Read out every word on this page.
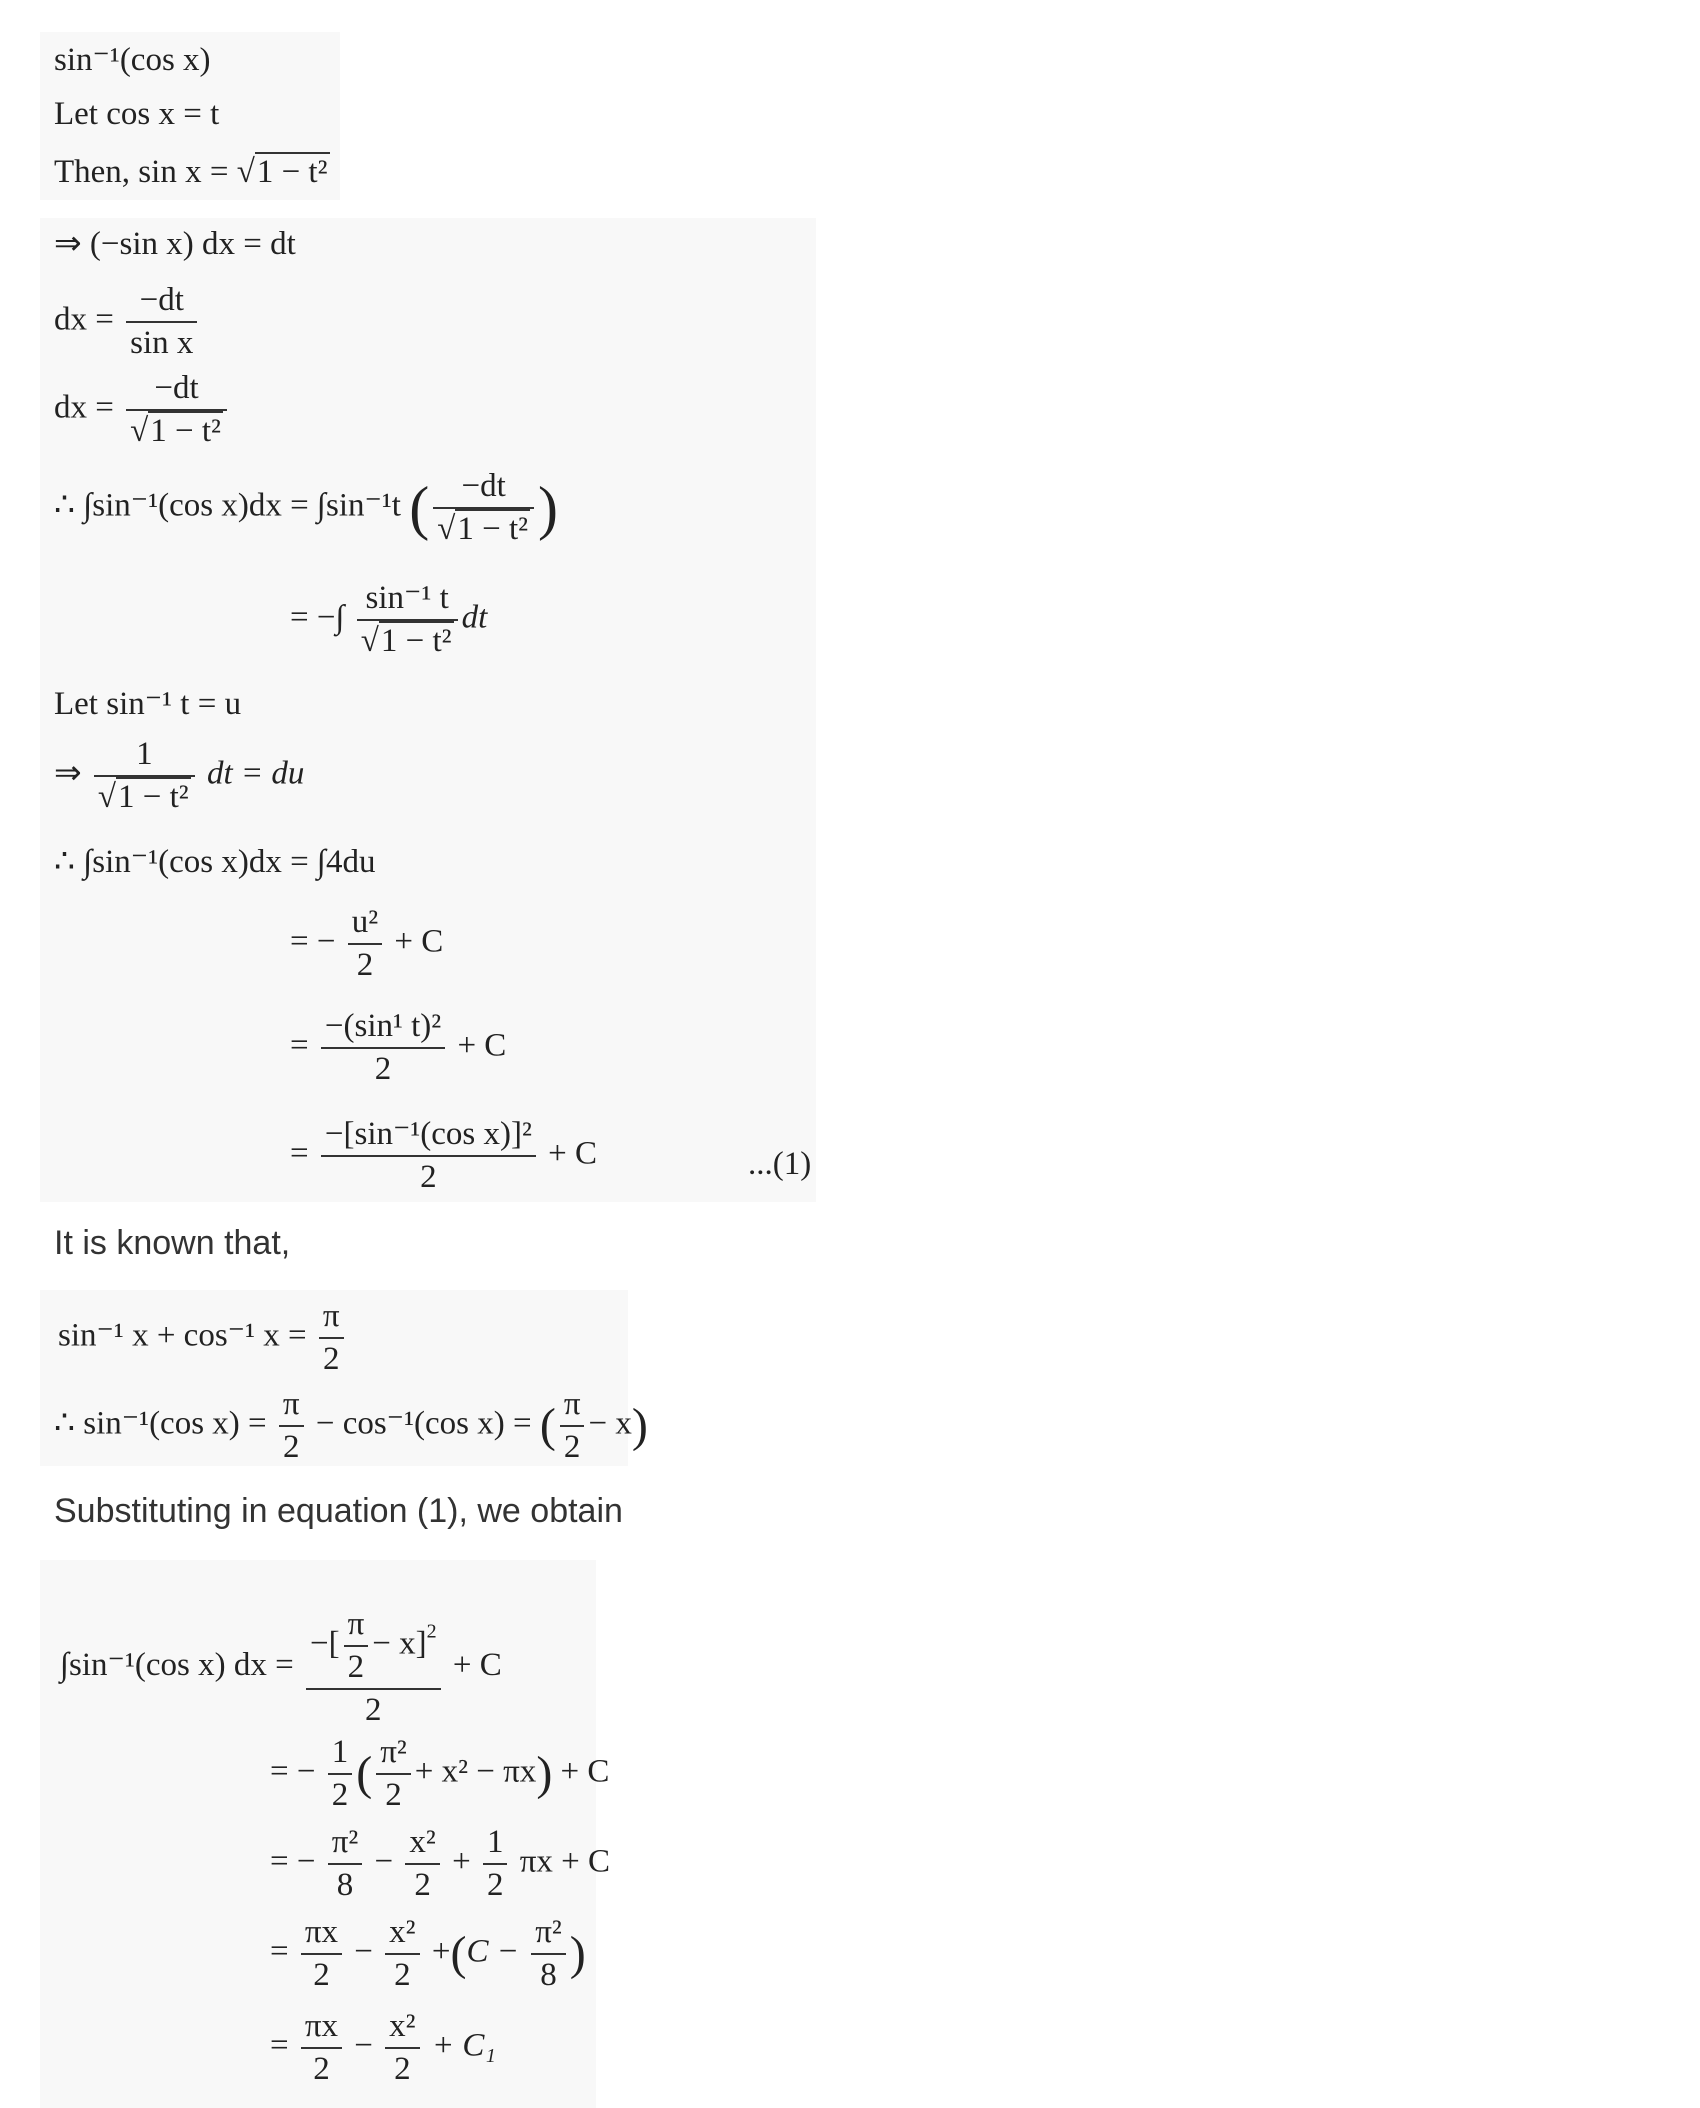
sin⁻¹(cos x)
Let cos x = t
Then, sin x = √1 − t²
⇒ (−sin x) dx = dt
dx = $\frac{-dt}{\text{sin x}}$
dx = $\frac{-dt}{\text{√1 − t²}}$
∴ ∫sin⁻¹(cos x)dx = ∫sin⁻¹t ( $\frac{-dt}{\text{√1 − t²}}$ )
= −∫ $\frac{\text{sin⁻¹ t}}{\text{√1 − t²}}$ dt
Let sin⁻¹ t = u
⇒ $\frac{1}{\text{√1 − t²}}$ dt = du
∴ ∫sin⁻¹(cos x)dx = ∫4du
= − $\frac{\text{u²}}{2} + C$
= $\frac{\text{−(sin¹ t)²}}{2} + C$
= $\frac{\text{−[sin⁻¹(cos x)]²}}{2} + C$	...(1)
It is known that,
sin⁻¹ x + cos⁻¹ $x = \frac{\pi}{2}$
∴ sin⁻¹(cos $x) = \frac{\pi}{2} - \cos^{-1}(\cos$ x) = ( $\frac{\pi}{2} - x$)
Substituting in equation (1), we obtain
∫sin⁻¹(cos x) dx = $\frac{-[ \frac{\pi}{2} - x]^2}{2} + C$
= − $\frac{1}{2}$ ( $\frac{\text{π²}}{2} + x^2 - \pi x) + C$
= − $\frac{\text{π²}}{8} - \frac{\text{x²}}{2} + \frac{1}{2}$ πx + C
= $\frac{\pi x}{2} - \frac{\text{x²}}{2} +(C - \frac{\text{π²}}{8}$ )
= $\frac{\pi x}{2} - \frac{\text{x²}}{2} + C_1$
